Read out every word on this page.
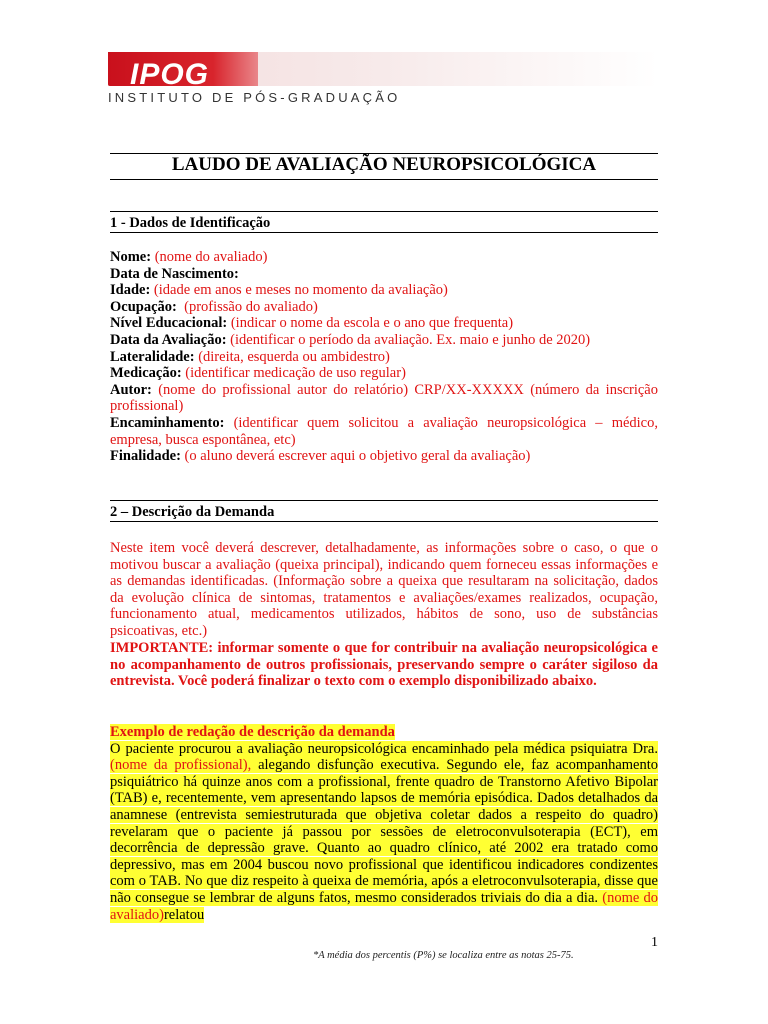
IPOG
INSTITUTO DE PÓS-GRADUAÇÃO
LAUDO DE AVALIAÇÃO NEUROPSICOLÓGICA
1 - Dados de Identificação
Nome: (nome do avaliado)
Data de Nascimento:
Idade: (idade em anos e meses no momento da avaliação)
Ocupação:  (profissão do avaliado)
Nível Educacional: (indicar o nome da escola e o ano que frequenta)
Data da Avaliação: (identificar o período da avaliação. Ex. maio e junho de 2020)
Lateralidade: (direita, esquerda ou ambidestro)
Medicação: (identificar medicação de uso regular)
Autor: (nome do profissional autor do relatório) CRP/XX-XXXXX (número da inscrição profissional)
Encaminhamento: (identificar quem solicitou a avaliação neuropsicológica – médico, empresa, busca espontânea, etc)
Finalidade: (o aluno deverá escrever aqui o objetivo geral da avaliação)
2 – Descrição da Demanda
Neste item você deverá descrever, detalhadamente, as informações sobre o caso, o que o motivou buscar a avaliação (queixa principal), indicando quem forneceu essas informações e as demandas identificadas. (Informação sobre a queixa que resultaram na solicitação, dados da evolução clínica de sintomas, tratamentos e avaliações/exames realizados, ocupação, funcionamento atual, medicamentos utilizados, hábitos de sono, uso de substâncias psicoativas, etc.)
IMPORTANTE: informar somente o que for contribuir na avaliação neuropsicológica e no acompanhamento de outros profissionais, preservando sempre o caráter sigiloso da entrevista. Você poderá finalizar o texto com o exemplo disponibilizado abaixo.
Exemplo de redação de descrição da demanda
O paciente procurou a avaliação neuropsicológica encaminhado pela médica psiquiatra Dra. (nome da profissional), alegando disfunção executiva. Segundo ele, faz acompanhamento psiquiátrico há quinze anos com a profissional, frente quadro de Transtorno Afetivo Bipolar (TAB) e, recentemente, vem apresentando lapsos de memória episódica. Dados detalhados da anamnese (entrevista semiestruturada que objetiva coletar dados a respeito do quadro) revelaram que o paciente já passou por sessões de eletroconvulsoterapia (ECT), em decorrência de depressão grave. Quanto ao quadro clínico, até 2002 era tratado como depressivo, mas em 2004 buscou novo profissional que identificou indicadores condizentes com o TAB. No que diz respeito à queixa de memória, após a eletroconvulsoterapia, disse que não consegue se lembrar de alguns fatos, mesmo considerados triviais do dia a dia. (nome do avaliado)relatou
1
*A média dos percentis (P%) se localiza entre as notas 25-75.
